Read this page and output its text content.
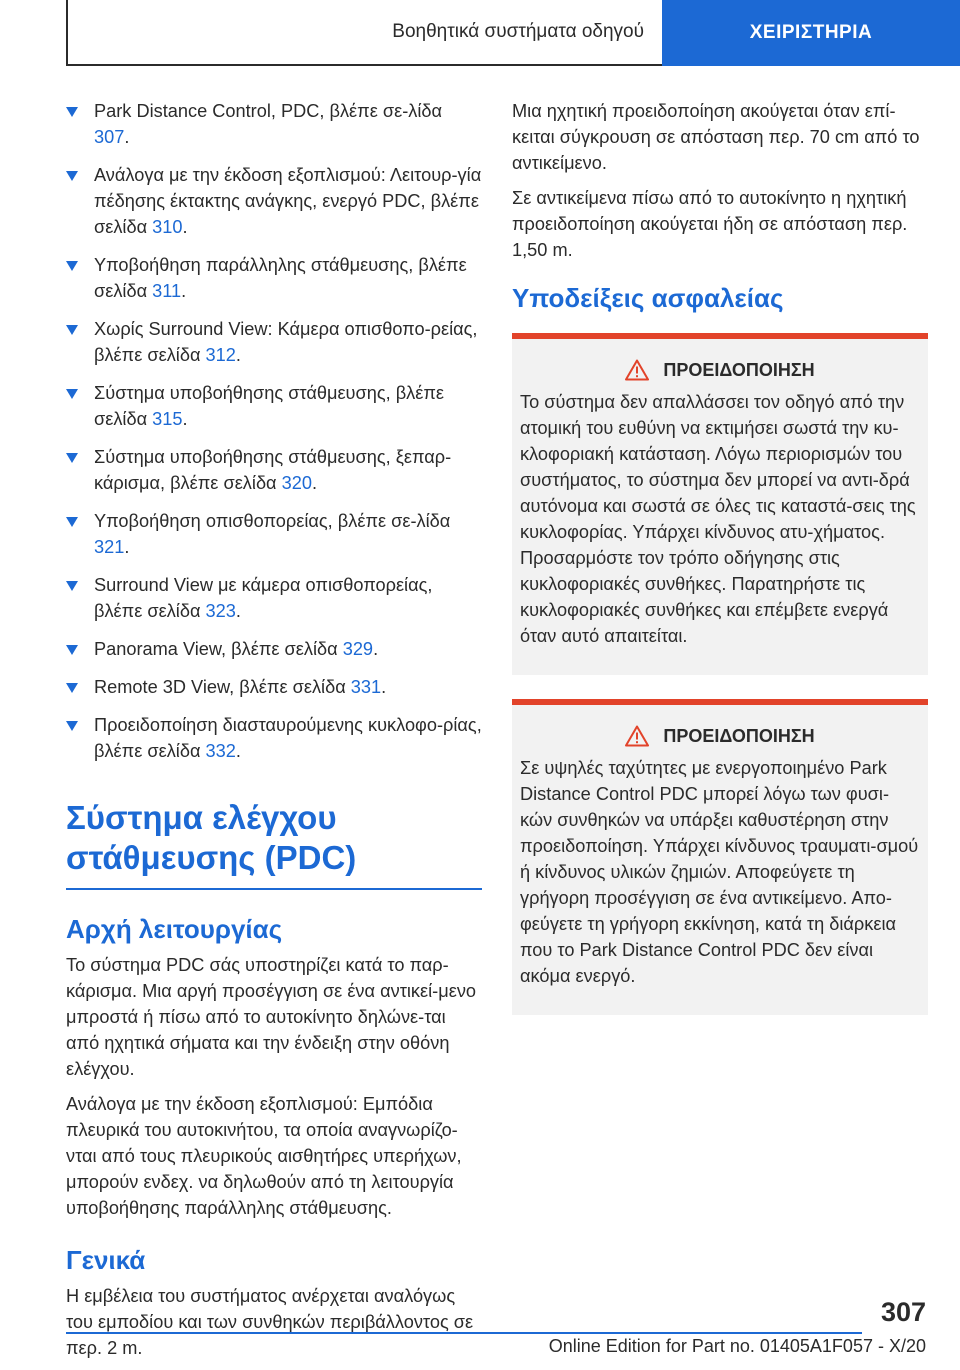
Βοηθητικά συστήματα οδηγού	ΧΕΙΡΙΣΤΗΡΙΑ
Park Distance Control, PDC, βλέπε σε-λίδα 307.
Ανάλογα με την έκδοση εξοπλισμού: Λειτουρ-γία πέδησης έκτακτης ανάγκης, ενεργό PDC, βλέπε σελίδα 310.
Υποβοήθηση παράλληλης στάθμευσης, βλέπε σελίδα 311.
Χωρίς Surround View: Κάμερα οπισθοπο-ρείας, βλέπε σελίδα 312.
Σύστημα υποβοήθησης στάθμευσης, βλέπε σελίδα 315.
Σύστημα υποβοήθησης στάθμευσης, ξεπαρ-κάρισμα, βλέπε σελίδα 320.
Υποβοήθηση οπισθοπορείας, βλέπε σε-λίδα 321.
Surround View με κάμερα οπισθοπορείας, βλέπε σελίδα 323.
Panorama View, βλέπε σελίδα 329.
Remote 3D View, βλέπε σελίδα 331.
Προειδοποίηση διασταυρούμενης κυκλοφο-ρίας, βλέπε σελίδα 332.
Σύστημα ελέγχου στάθμευσης (PDC)
Αρχή λειτουργίας

Το σύστημα PDC σάς υποστηρίζει κατά το παρ-κάρισμα. Μια αργή προσέγγιση σε ένα αντικεί-μενο μπροστά ή πίσω από το αυτοκίνητο δηλώνε-ται από ηχητικά σήματα και την ένδειξη στην οθόνη ελέγχου.

Ανάλογα με την έκδοση εξοπλισμού: Εμπόδια πλευρικά του αυτοκινήτου, τα οποία αναγνωρίζο-νται από τους πλευρικούς αισθητήρες υπερήχων, μπορούν ενδεχ. να δηλωθούν από τη λειτουργία υποβοήθησης παράλληλης στάθμευσης.

Γενικά

Η εμβέλεια του συστήματος ανέρχεται αναλόγως του εμποδίου και των συνθηκών περιβάλλοντος σε περ. 2 m.

Μια ηχητική προειδοποίηση ακούγεται όταν επί-κειται σύγκρουση σε απόσταση περ. 70 cm από το αντικείμενο.

Σε αντικείμενα πίσω από το αυτοκίνητο η ηχητική προειδοποίηση ακούγεται ήδη σε απόσταση περ. 1,50 m.

Υποδείξεις ασφαλείας
ΠΡΟΕΙΔΟΠΟΙΗΣΗ

Το σύστημα δεν απαλλάσσει τον οδηγό από την ατομική του ευθύνη να εκτιμήσει σωστά την κυ-κλοφοριακή κατάσταση. Λόγω περιορισμών του συστήματος, το σύστημα δεν μπορεί να αντι-δρά αυτόνομα και σωστά σε όλες τις καταστά-σεις της κυκλοφορίας. Υπάρχει κίνδυνος ατυ-χήματος. Προσαρμόστε τον τρόπο οδήγησης στις κυκλοφοριακές συνθήκες. Παρατηρήστε τις κυκλοφοριακές συνθήκες και επέμβετε ενεργά όταν αυτό απαιτείται.

ΠΡΟΕΙΔΟΠΟΙΗΣΗ

Σε υψηλές ταχύτητες με ενεργοποιημένο Park Distance Control PDC μπορεί λόγω των φυσι-κών συνθηκών να υπάρξει καθυστέρηση στην προειδοποίηση. Υπάρχει κίνδυνος τραυματι-σμού ή κίνδυνος υλικών ζημιών. Αποφεύγετε τη γρήγορη προσέγγιση σε ένα αντικείμενο. Απο-φεύγετε τη γρήγορη εκκίνηση, κατά τη διάρκεια που το Park Distance Control PDC δεν είναι ακόμα ενεργό.

307
Online Edition for Part no. 01405A1F057 - X/20
